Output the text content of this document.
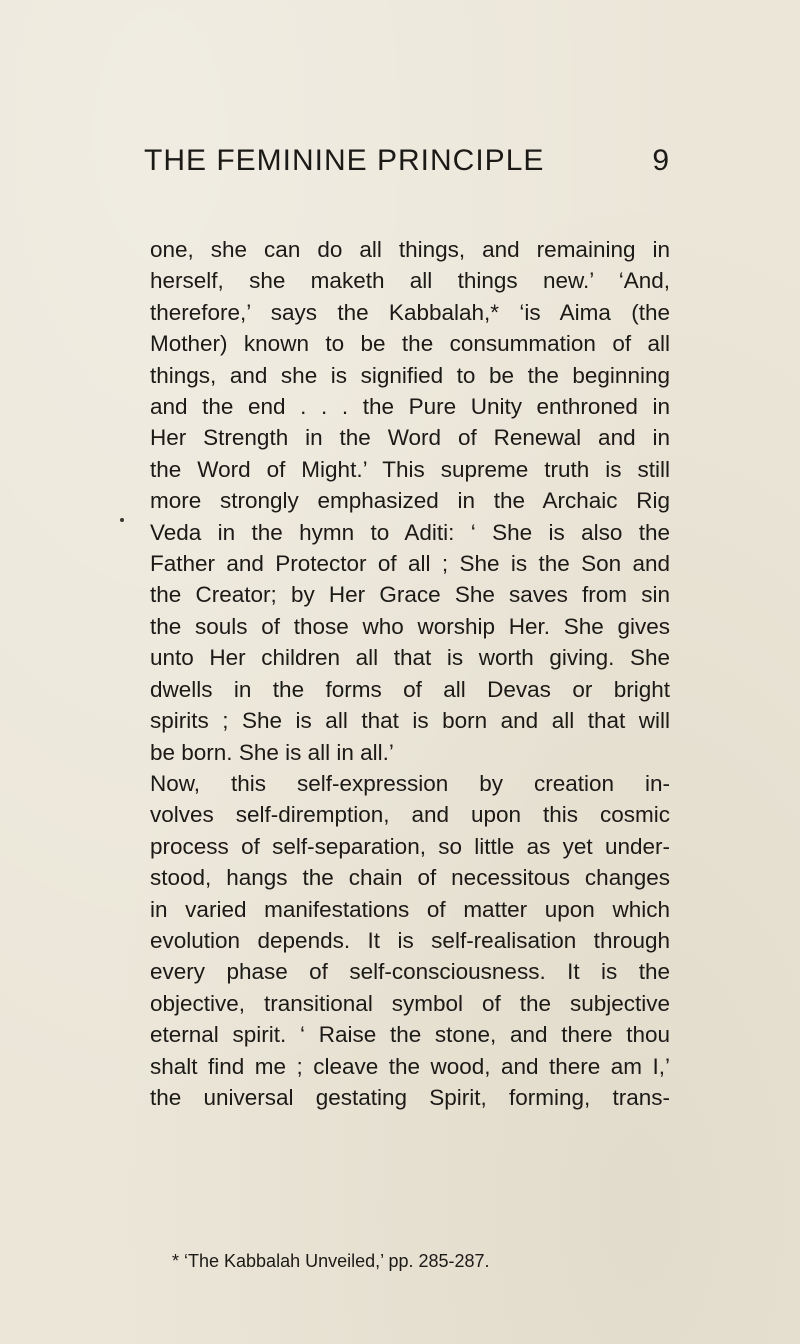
THE FEMININE PRINCIPLE	9
one, she can do all things, and remaining in
herself, she maketh all things new.’ ‘And,
therefore,’ says the Kabbalah,* ‘is Aima (the
Mother) known to be the consummation of all
things, and she is signified to be the beginning
and the end . . . the Pure Unity enthroned in
Her Strength in the Word of Renewal and in
the Word of Might.’ This supreme truth is still
more strongly emphasized in the Archaic Rig
Veda in the hymn to Aditi: ‘ She is also the
Father and Protector of all ; She is the Son and
the Creator; by Her Grace She saves from sin
the souls of those who worship Her. She gives
unto Her children all that is worth giving. She
dwells in the forms of all Devas or bright
spirits ; She is all that is born and all that will
be born. She is all in all.’
Now, this self-expression by creation in-
volves self-diremption, and upon this cosmic
process of self-separation, so little as yet under-
stood, hangs the chain of necessitous changes
in varied manifestations of matter upon which
evolution depends. It is self-realisation through
every phase of self-consciousness. It is the
objective, transitional symbol of the subjective
eternal spirit. ‘ Raise the stone, and there thou
shalt find me ; cleave the wood, and there am I,’
the universal gestating Spirit, forming, trans-
* ‘The Kabbalah Unveiled,’ pp. 285-287.
